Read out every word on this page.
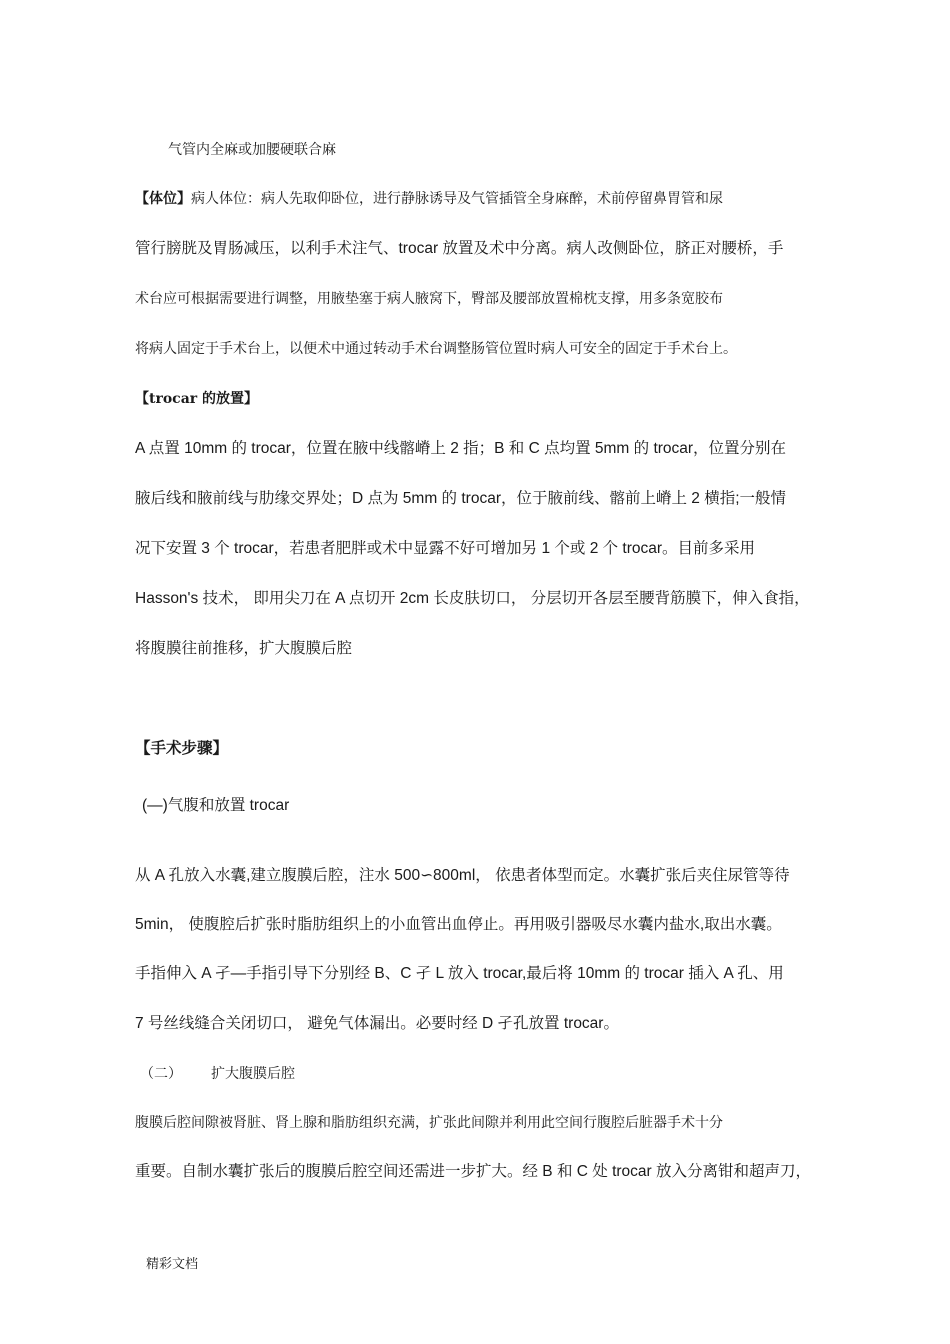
气管内全麻或加腰硬联合麻
【体位】病人体位：病人先取仰卧位，进行静脉诱导及气管插管全身麻醉，术前停留鼻胃管和尿
管行膀胱及胃肠减压，以利手术注气、trocar 放置及术中分离。病人改侧卧位，脐正对腰桥，手
术台应可根据需要进行调整，用腋垫塞于病人腋窝下，臀部及腰部放置棉枕支撑，用多条宽胶布
将病人固定于手术台上，以便术中通过转动手术台调整肠管位置时病人可安全的固定于手术台上。
【trocar 的放置】
A 点置 10mm 的 trocar，位置在腋中线髂嵴上 2 指；B 和 C 点均置 5mm 的 trocar，位置分别在
腋后线和腋前线与肋缘交界处；D 点为 5mm 的 trocar，位于腋前线、髂前上嵴上 2 横指;一般情
况下安置 3 个 trocar，若患者肥胖或术中显露不好可增加另 1 个或 2 个 trocar。目前多采用
Hasson's 技术， 即用尖刀在 A 点切开 2cm 长皮肤切口， 分层切开各层至腰背筋膜下，伸入食指，
将腹膜往前推移，扩大腹膜后腔
【手术步骤】
(—)气腹和放置 trocar
从 A 孔放入水囊,建立腹膜后腔，注水 500∽800ml， 依患者体型而定。水囊扩张后夹住尿管等待
5min， 使腹腔后扩张时脂肪组织上的小血管出血停止。再用吸引器吸尽水囊内盐水,取出水囊。
手指伸入 A 孑—手指引导下分别经 B、C 孑 L 放入 trocar,最后将 10mm 的 trocar 插入 A 孔、用
7 号丝线缝合关闭切口， 避免气体漏出。必要时经 D 孑孔放置 trocar。
（二） 扩大腹膜后腔
腹膜后腔间隙被肾脏、肾上腺和脂肪组织充满，扩张此间隙并利用此空间行腹腔后脏器手术十分
重要。自制水囊扩张后的腹膜后腔空间还需进一步扩大。经 B 和 C 处 trocar 放入分离钳和超声刀，
精彩文档
